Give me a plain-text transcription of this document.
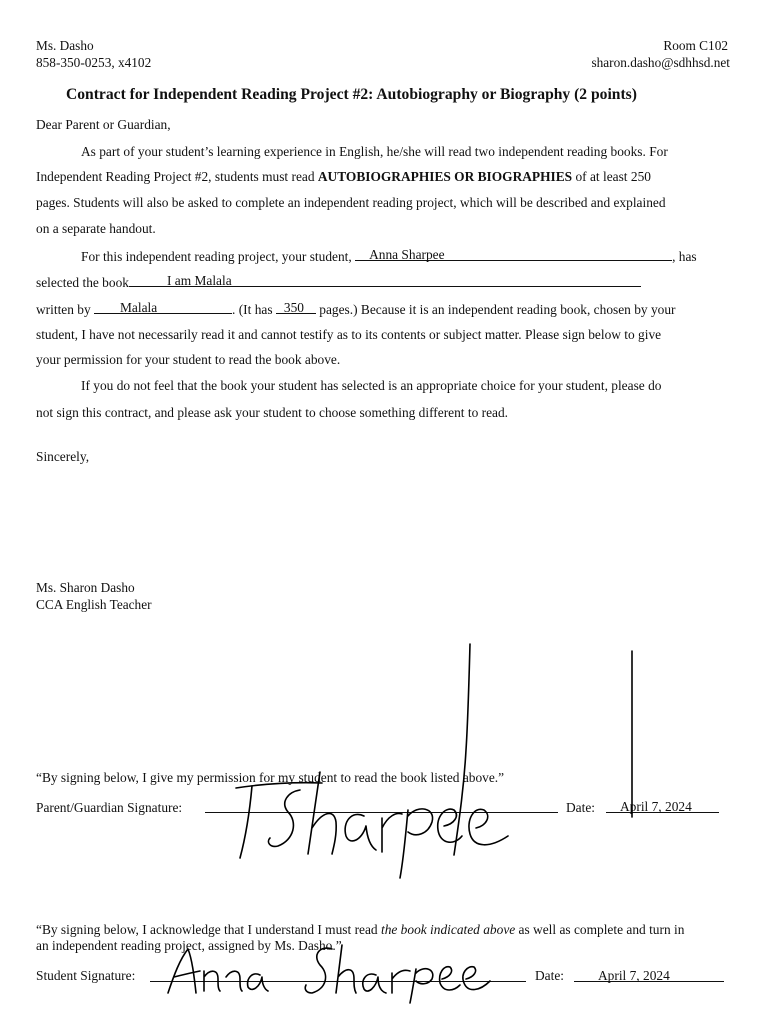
Ms. Dasho
858-350-0253, x4102
Room C102
sharon.dasho@sdhhsd.net
Contract for Independent Reading Project #2: Autobiography or Biography (2 points)
Dear Parent or Guardian,
As part of your student’s learning experience in English, he/she will read two independent reading books. For
Independent Reading Project #2, students must read AUTOBIOGRAPHIES OR BIOGRAPHIES of at least 250
pages. Students will also be asked to complete an independent reading project, which will be described and explained
on a separate handout.
For this independent reading project, your student, Anna Sharpee	, has
selected the book	I am Malala
written by Malala	. (It has 350 pages.) Because it is an independent reading book, chosen by your
student, I have not necessarily read it and cannot testify as to its contents or subject matter. Please sign below to give
your permission for your student to read the book above.
If you do not feel that the book your student has selected is an appropriate choice for your student, please do
not sign this contract, and please ask your student to choose something different to read.
Sincerely,
Ms. Sharon Dasho
CCA English Teacher
“By signing below, I give my permission for my student to read the book listed above.”
Parent/Guardian Signature:	Date: April 7, 2024
“By signing below, I acknowledge that I understand I must read the book indicated above as well as complete and turn in
an independent reading project, assigned by Ms. Dasho.”
Student Signature:	Date:	April 7, 2024
